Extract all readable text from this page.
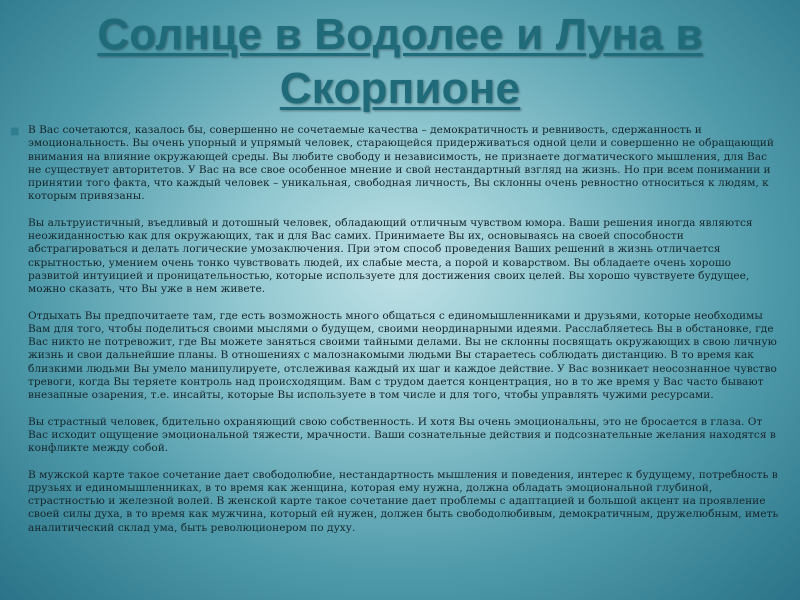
Солнце в Водолее и Луна в Скорпионе
■ В Вас сочетаются, казалось бы, совершенно не сочетаемые качества – демократичность и ревнивость, сдержанность и эмоциональность. Вы очень упорный и упрямый человек, старающейся придерживаться одной цели и совершенно не обращающий внимания на влияние окружающей среды. Вы любите свободу и независимость, не признаете догматического мышления, для Вас не существует авторитетов. У Вас на все свое особенное мнение и свой нестандартный взгляд на жизнь. Но при всем понимании и принятии того факта, что каждый человек – уникальная, свободная личность, Вы склонны очень ревностно относиться к людям, к которым привязаны.

Вы альтруистичный, въедливый и дотошный человек, обладающий отличным чувством юмора. Ваши решения иногда являются неожиданностью как для окружающих, так и для Вас самих. Принимаете Вы их, основываясь на своей способности абстрагироваться и делать логические умозаключения. При этом способ проведения Ваших решений в жизнь отличается скрытностью, умением очень тонко чувствовать людей, их слабые места, а порой и коварством. Вы обладаете очень хорошо развитой интуицией и проницательностью, которые используете для достижения своих целей. Вы хорошо чувствуете будущее, можно сказать, что Вы уже в нем живете.

Отдыхать Вы предпочитаете там, где есть возможность много общаться с единомышленниками и друзьями, которые необходимы Вам для того, чтобы поделиться своими мыслями о будущем, своими неординарными идеями. Расслабляетесь Вы в обстановке, где Вас никто не потревожит, где Вы можете заняться своими тайными делами. Вы не склонны посвящать окружающих в свою личную жизнь и свои дальнейшие планы. В отношениях с малознакомыми людьми Вы стараетесь соблюдать дистанцию. В то время как близкими людьми Вы умело манипулируете, отслеживая каждый их шаг и каждое действие. У Вас возникает неосознанное чувство тревоги, когда Вы теряете контроль над происходящим. Вам с трудом дается концентрация, но в то же время у Вас часто бывают внезапные озарения, т.е. инсайты, которые Вы используете в том числе и для того, чтобы управлять чужими ресурсами.

Вы страстный человек, бдительно охраняющий свою собственность. И хотя Вы очень эмоциональны, это не бросается в глаза. От Вас исходит ощущение эмоциональной тяжести, мрачности. Ваши сознательные действия и подсознательные желания находятся в конфликте между собой.

В мужской карте такое сочетание дает свободолюбие, нестандартность мышления и поведения, интерес к будущему, потребность в друзьях и единомышленниках, в то время как женщина, которая ему нужна, должна обладать эмоциональной глубиной, страстностью и железной волей. В женской карте такое сочетание дает проблемы с адаптацией и большой акцент на проявление своей силы духа, в то время как мужчина, который ей нужен, должен быть свободолюбивым, демократичным, дружелюбным, иметь аналитический склад ума, быть революционером по духу.
